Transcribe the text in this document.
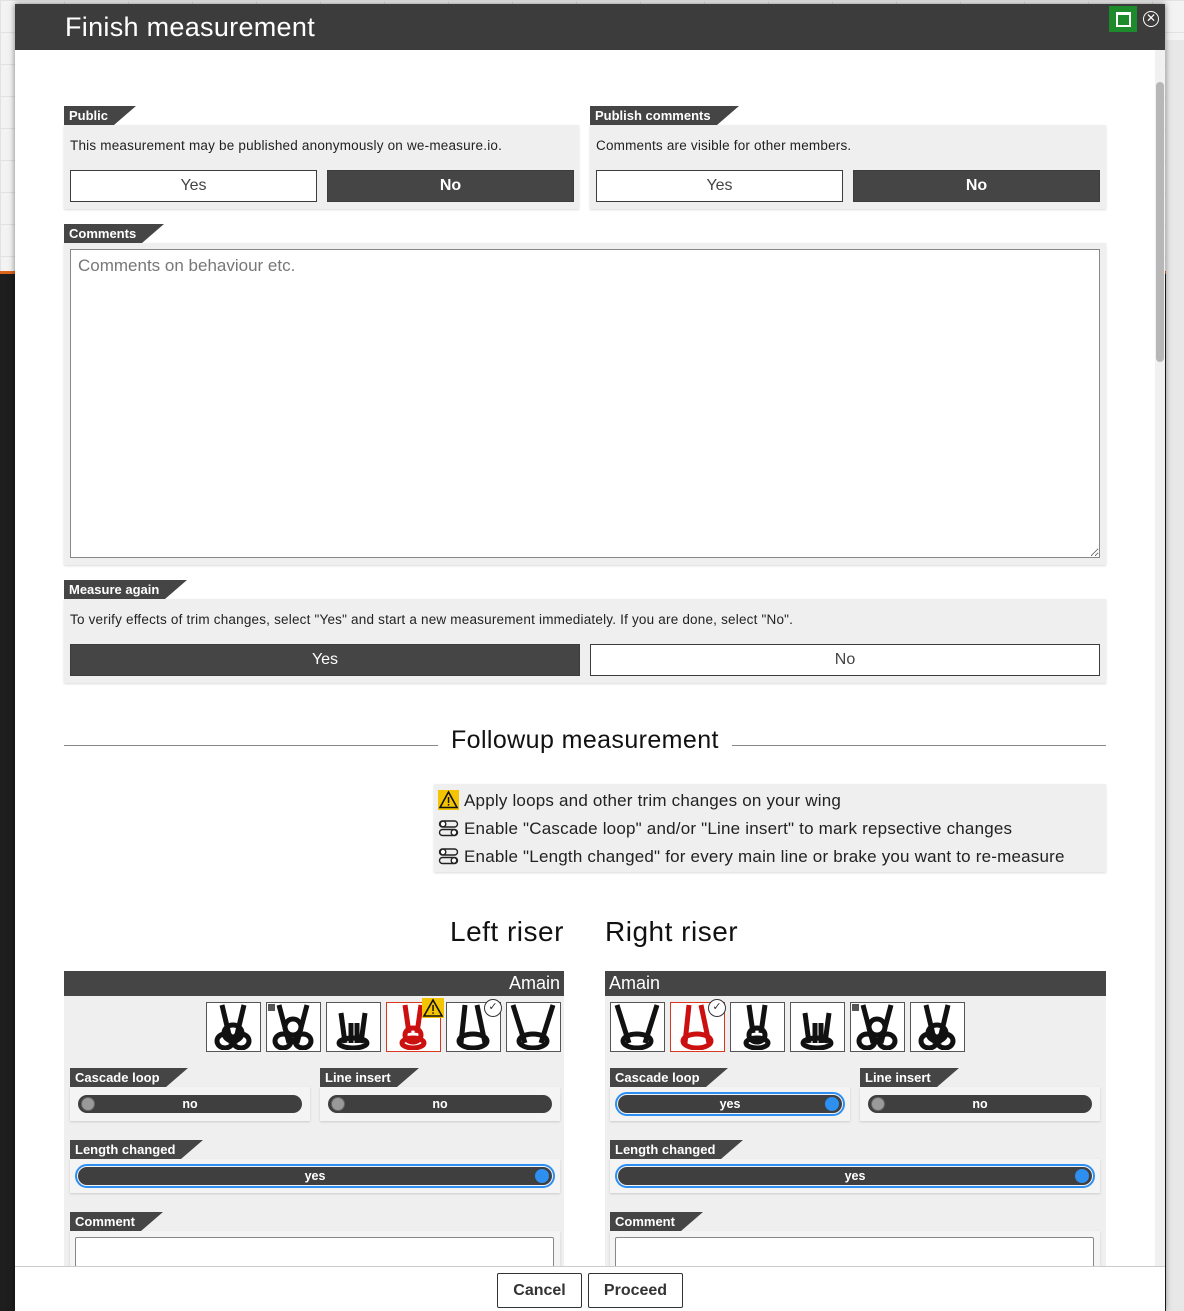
Finish measurement	✕
Public
This measurement may be published anonymously on we-measure.io.
Yes	No
Publish comments
Comments are visible for other members.
Yes	No
Comments
Comments on behaviour etc.
Measure again
To verify effects of trim changes, select "Yes" and start a new measurement immediately. If you are done, select "No".
Yes	No
Followup measurement
Apply loops and other trim changes on your wing
Enable "Cascade loop" and/or "Line insert" to mark repsective changes
Enable "Length changed" for every main line or brake you want to re-measure
Left riser Right riser
Amain
✓
Cascade loop
no
Line insert
no
Length changed
yes
Comment
Amain
✓
Cascade loop
yes
Line insert
no
Length changed
yes
Comment
Cancel	Proceed
